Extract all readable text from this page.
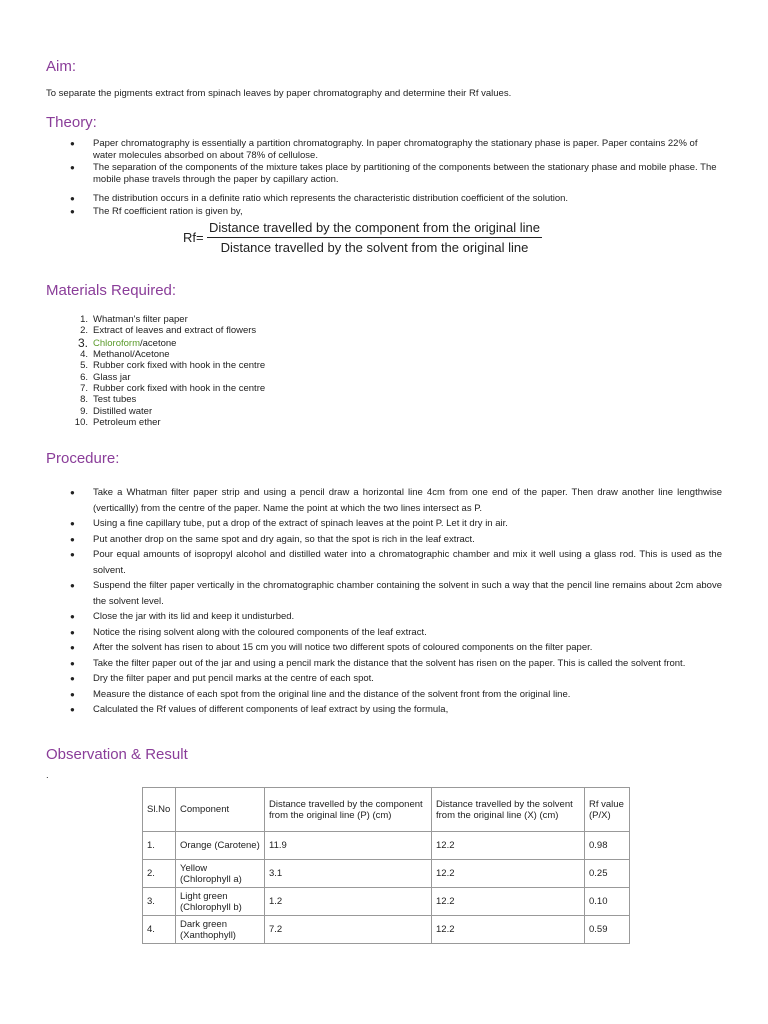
Aim:
To separate the pigments extract from spinach leaves by paper chromatography and determine their Rf values.
Theory:
● Paper chromatography is essentially a partition chromatography. In paper chromatography the stationary phase is paper. Paper contains 22% of water molecules absorbed on about 78% of cellulose.
● The separation of the components of the mixture takes place by partitioning of the components between the stationary phase and mobile phase. The mobile phase travels through the paper by capillary action.
● The distribution occurs in a definite ratio which represents the characteristic distribution coefficient of the solution.
● The Rf coefficient ration is given by,
Rf=
Distance travelled by the component from the original line
Distance travelled by the solvent from the original line
Materials Required:
1. Whatman's filter paper
2. Extract of leaves and extract of flowers
3. Chloroform/acetone
4. Methanol/Acetone
5. Rubber cork fixed with hook in the centre
6. Glass jar
7. Rubber cork fixed with hook in the centre
8. Test tubes
9. Distilled water
10. Petroleum ether
Procedure:
● Take a Whatman filter paper strip and using a pencil draw a horizontal line 4cm from one end of the paper. Then draw another line lengthwise (verticallly) from the centre of the paper. Name the point at which the two lines intersect as P.
● Using a fine capillary tube, put a drop of the extract of spinach leaves at the point P. Let it dry in air.
● Put another drop on the same spot and dry again, so that the spot is rich in the leaf extract.
● Pour equal amounts of isopropyl alcohol and distilled water into a chromatographic chamber and mix it well using a glass rod. This is used as the solvent.
● Suspend the filter paper vertically in the chromatographic chamber containing the solvent in such a way that the pencil line remains about 2cm above the solvent level.
● Close the jar with its lid and keep it undisturbed.
● Notice the rising solvent along with the coloured components of the leaf extract.
● After the solvent has risen to about 15 cm you will notice two different spots of coloured components on the filter paper.
● Take the filter paper out of the jar and using a pencil mark the distance that the solvent has risen on the paper. This is called the solvent front.
● Dry the filter paper and put pencil marks at the centre of each spot.
● Measure the distance of each spot from the original line and the distance of the solvent front from the original line.
● Calculated the Rf values of different components of leaf extract by using the formula,
Observation & Result
.
Sl.No	Component	Distance travelled by the component from the original line (P) (cm)	Distance travelled by the solvent from the original line (X) (cm)	Rf value (P/X)
1.	Orange (Carotene)	11.9	12.2	0.98
2.	Yellow (Chlorophyll a)	3.1	12.2	0.25
3.	Light green (Chlorophyll b)	1.2	12.2	0.10
4.	Dark green (Xanthophyll)	7.2	12.2	0.59
